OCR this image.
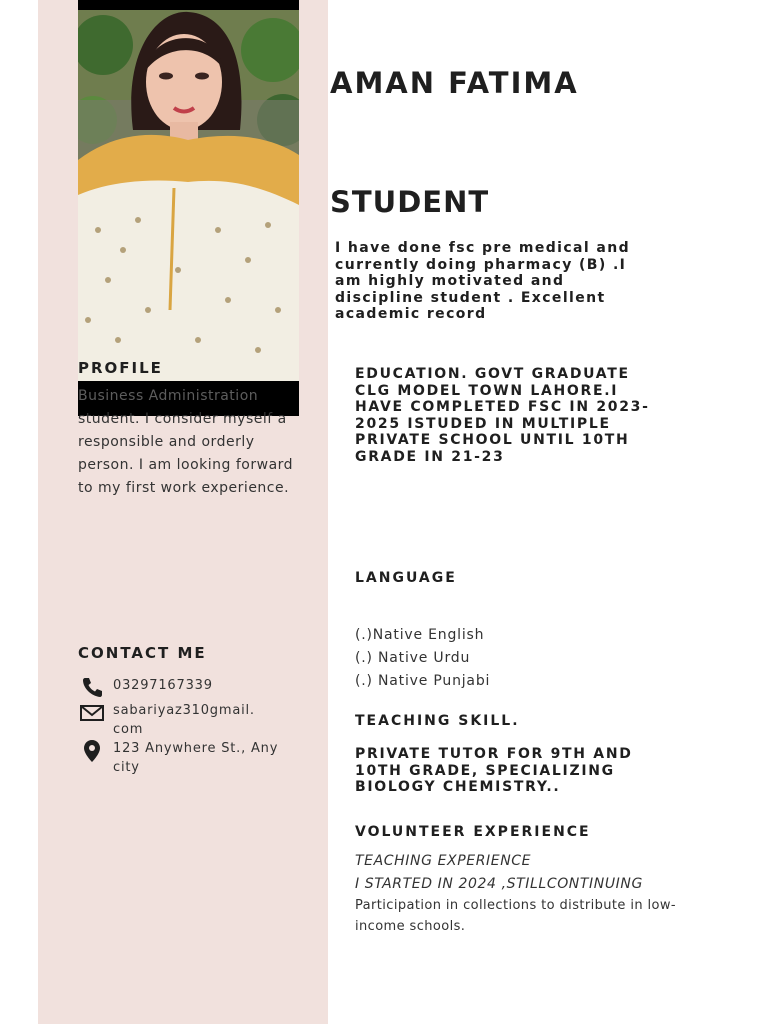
AMAN FATIMA
STUDENT
I have done fsc pre medical and currently doing pharmacy (B) .I am highly motivated and discipline student . Excellent academic record
PROFILE
Business Administration student. I consider myself a responsible and orderly person. I am looking forward to my first work experience.
EDUCATION. GOVT GRADUATE CLG MODEL TOWN LAHORE.I HAVE COMPLETED FSC IN 2023-2025 ISTUDED IN MULTIPLE PRIVATE SCHOOL UNTIL 10TH GRADE IN 21-23
LANGUAGE
(.)Native English
(.) Native Urdu
(.) Native Punjabi
CONTACT ME
03297167339
sabariyaz310gmail. com
123 Anywhere St., Any city
TEACHING SKILL.
PRIVATE TUTOR FOR 9TH AND 10TH GRADE, SPECIALIZING BIOLOGY CHEMISTRY..
VOLUNTEER EXPERIENCE
TEACHING EXPERIENCE
I STARTED IN 2024 ,STILLCONTINUING
Participation in collections to distribute in low-income schools.
